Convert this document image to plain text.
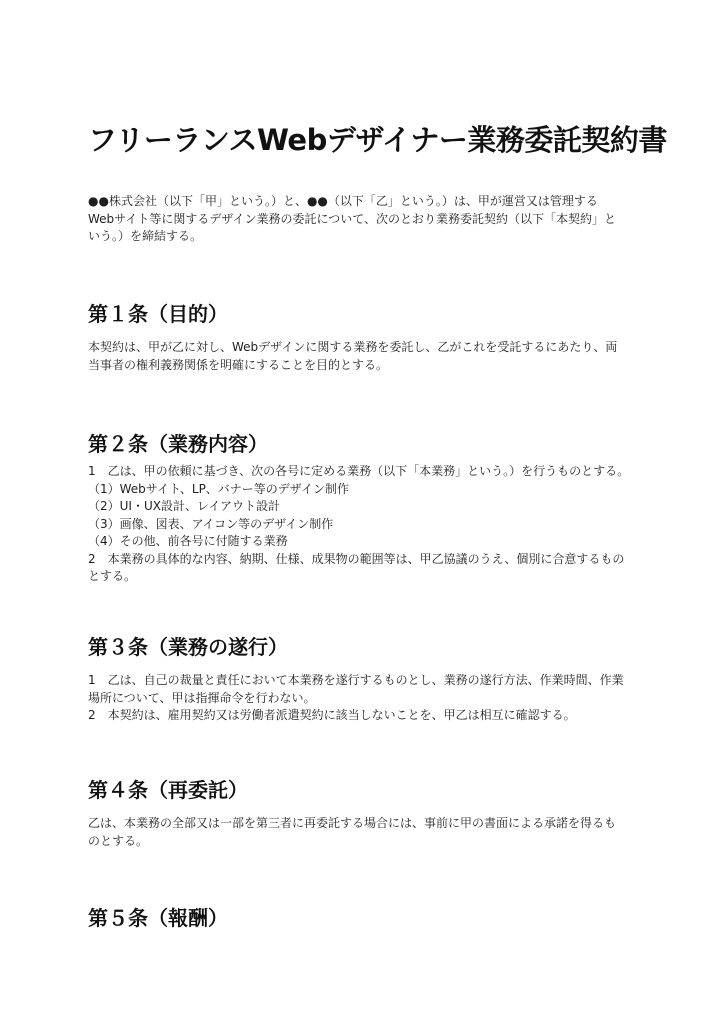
フリーランスWebデザイナー業務委託契約書

●●株式会社（以下「甲」という。）と、●●（以下「乙」という。）は、甲が運営又は管理する
Webサイト等に関するデザイン業務の委託について、次のとおり業務委託契約（以下「本契約」と
いう。）を締結する。

第１条（目的）

本契約は、甲が乙に対し、Webデザインに関する業務を委託し、乙がこれを受託するにあたり、両
当事者の権利義務関係を明確にすることを目的とする。

第２条（業務内容）

1　乙は、甲の依頼に基づき、次の各号に定める業務（以下「本業務」という。）を行うものとする。
（1）Webサイト、LP、バナー等のデザイン制作
（2）UI・UX設計、レイアウト設計
（3）画像、図表、アイコン等のデザイン制作
（4）その他、前各号に付随する業務
2　本業務の具体的な内容、納期、仕様、成果物の範囲等は、甲乙協議のうえ、個別に合意するもの
とする。

第３条（業務の遂行）

1　乙は、自己の裁量と責任において本業務を遂行するものとし、業務の遂行方法、作業時間、作業
場所について、甲は指揮命令を行わない。
2　本契約は、雇用契約又は労働者派遣契約に該当しないことを、甲乙は相互に確認する。

第４条（再委託）

乙は、本業務の全部又は一部を第三者に再委託する場合には、事前に甲の書面による承諾を得るも
のとする。

第５条（報酬）
